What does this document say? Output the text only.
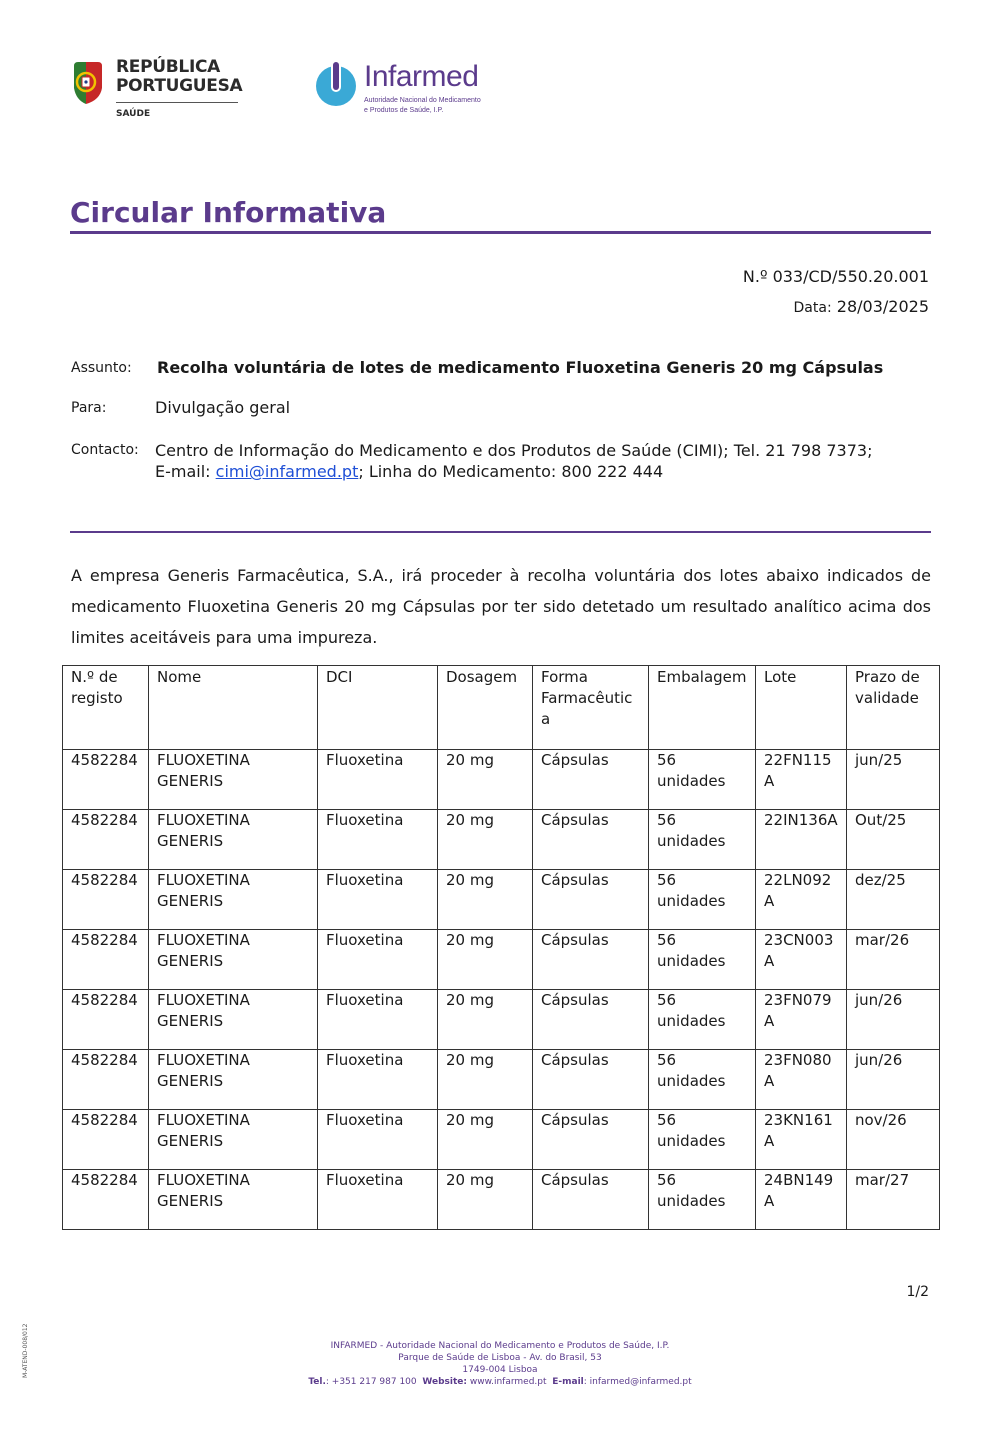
REPÚBLICA
PORTUGUESA
SAÚDE
Infarmed
Autoridade Nacional do Medicamento
e Produtos de Saúde, I.P.
Circular Informativa
N.º 033/CD/550.20.001
Data: 28/03/2025
Assunto: Recolha voluntária de lotes de medicamento Fluoxetina Generis 20 mg Cápsulas
Para:	Divulgação geral
Contacto: Centro de Informação do Medicamento e dos Produtos de Saúde (CIMI); Tel. 21 798 7373;
E-mail: cimi@infarmed.pt; Linha do Medicamento: 800 222 444
A empresa Generis Farmacêutica, S.A., irá proceder à recolha voluntária dos lotes abaixo indicados de medicamento Fluoxetina Generis 20 mg Cápsulas por ter sido detetado um resultado analítico acima dos limites aceitáveis para uma impureza.
N.º de registo	Nome	DCI	Dosagem	Forma Farmacêutica	Embalagem	Lote	Prazo de validade
4582284	FLUOXETINA GENERIS	Fluoxetina	20 mg	Cápsulas	56 unidades	22FN115A	jun/25
4582284	FLUOXETINA GENERIS	Fluoxetina	20 mg	Cápsulas	56 unidades	22IN136A	Out/25
4582284	FLUOXETINA GENERIS	Fluoxetina	20 mg	Cápsulas	56 unidades	22LN092A	dez/25
4582284	FLUOXETINA GENERIS	Fluoxetina	20 mg	Cápsulas	56 unidades	23CN003A	mar/26
4582284	FLUOXETINA GENERIS	Fluoxetina	20 mg	Cápsulas	56 unidades	23FN079A	jun/26
4582284	FLUOXETINA GENERIS	Fluoxetina	20 mg	Cápsulas	56 unidades	23FN080A	jun/26
4582284	FLUOXETINA GENERIS	Fluoxetina	20 mg	Cápsulas	56 unidades	23KN161A	nov/26
4582284	FLUOXETINA GENERIS	Fluoxetina	20 mg	Cápsulas	56 unidades	24BN149A	mar/27
1/2
M-ATEND-008/012	INFARMED - Autoridade Nacional do Medicamento e Produtos de Saúde, I.P.
Parque de Saúde de Lisboa - Av. do Brasil, 53
1749-004 Lisboa
Tel.: +351 217 987 100 Website: www.infarmed.pt E-mail: infarmed@infarmed.pt
